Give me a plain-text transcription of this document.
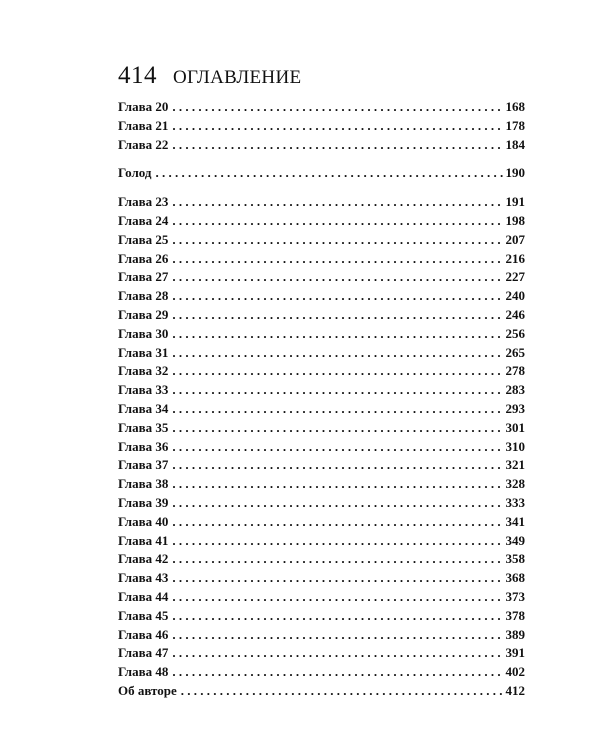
414 ОГЛАВЛЕНИЕ
Глава 20 . . .	168
Глава 21 . . .	178
Глава 22 . . .	184
Голод . . .	190
Глава 23 . . .	191
Глава 24 . . .	198
Глава 25 . . .	207
Глава 26 . . .	216
Глава 27 . . .	227
Глава 28 . . .	240
Глава 29 . . .	246
Глава 30 . . .	256
Глава 31 . . .	265
Глава 32 . . .	278
Глава 33 . . .	283
Глава 34 . . .	293
Глава 35 . . .	301
Глава 36 . . .	310
Глава 37 . . .	321
Глава 38 . . .	328
Глава 39 . . .	333
Глава 40 . . .	341
Глава 41 . . .	349
Глава 42 . . .	358
Глава 43 . . .	368
Глава 44 . . .	373
Глава 45 . . .	378
Глава 46 . . .	389
Глава 47 . . .	391
Глава 48 . . .	402
Об авторе . . .	412
